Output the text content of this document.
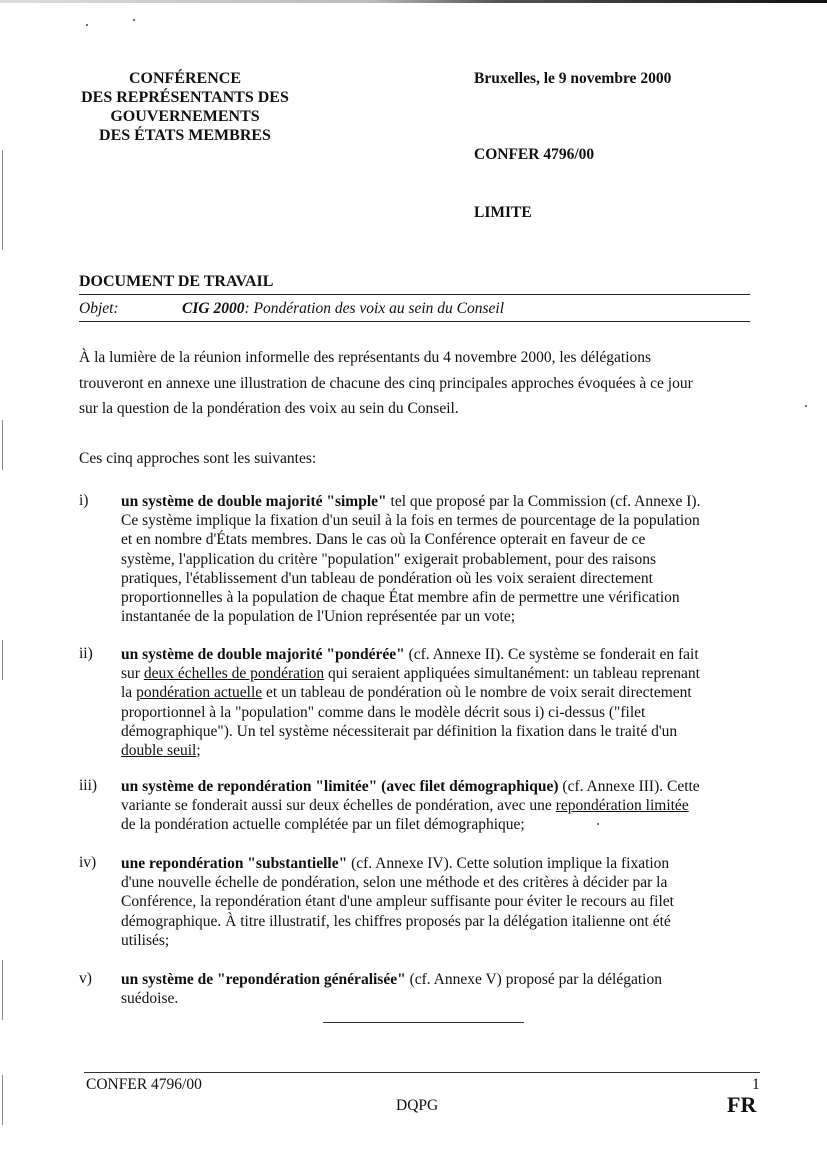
CONFÉRENCE
DES REPRÉSENTANTS DES
GOUVERNEMENTS
DES ÉTATS MEMBRES
Bruxelles, le 9 novembre 2000
CONFER 4796/00
LIMITE
DOCUMENT DE TRAVAIL
Objet:	CIG 2000: Pondération des voix au sein du Conseil
À la lumière de la réunion informelle des représentants du 4 novembre 2000, les délégations
trouveront en annexe une illustration de chacune des cinq principales approches évoquées à ce jour
sur la question de la pondération des voix au sein du Conseil.
Ces cinq approches sont les suivantes:
i)	un système de double majorité "simple" tel que proposé par la Commission (cf. Annexe I).
Ce système implique la fixation d'un seuil à la fois en termes de pourcentage de la population
et en nombre d'États membres. Dans le cas où la Conférence opterait en faveur de ce
système, l'application du critère "population" exigerait probablement, pour des raisons
pratiques, l'établissement d'un tableau de pondération où les voix seraient directement
proportionnelles à la population de chaque État membre afin de permettre une vérification
instantanée de la population de l'Union représentée par un vote;
ii)	un système de double majorité "pondérée" (cf. Annexe II). Ce système se fonderait en fait
sur deux échelles de pondération qui seraient appliquées simultanément: un tableau reprenant
la pondération actuelle et un tableau de pondération où le nombre de voix serait directement
proportionnel à la "population" comme dans le modèle décrit sous i) ci-dessus ("filet
démographique"). Un tel système nécessiterait par définition la fixation dans le traité d'un
double seuil;
iii)	un système de repondération "limitée" (avec filet démographique) (cf. Annexe III). Cette
variante se fonderait aussi sur deux échelles de pondération, avec une repondération limitée
de la pondération actuelle complétée par un filet démographique;
iv)	une repondération "substantielle" (cf. Annexe IV). Cette solution implique la fixation
d'une nouvelle échelle de pondération, selon une méthode et des critères à décider par la
Conférence, la repondération étant d'une ampleur suffisante pour éviter le recours au filet
démographique. À titre illustratif, les chiffres proposés par la délégation italienne ont été
utilisés;
v)	un système de "repondération généralisée" (cf. Annexe V) proposé par la délégation
suédoise.
CONFER 4796/00
DQPG
1
FR
